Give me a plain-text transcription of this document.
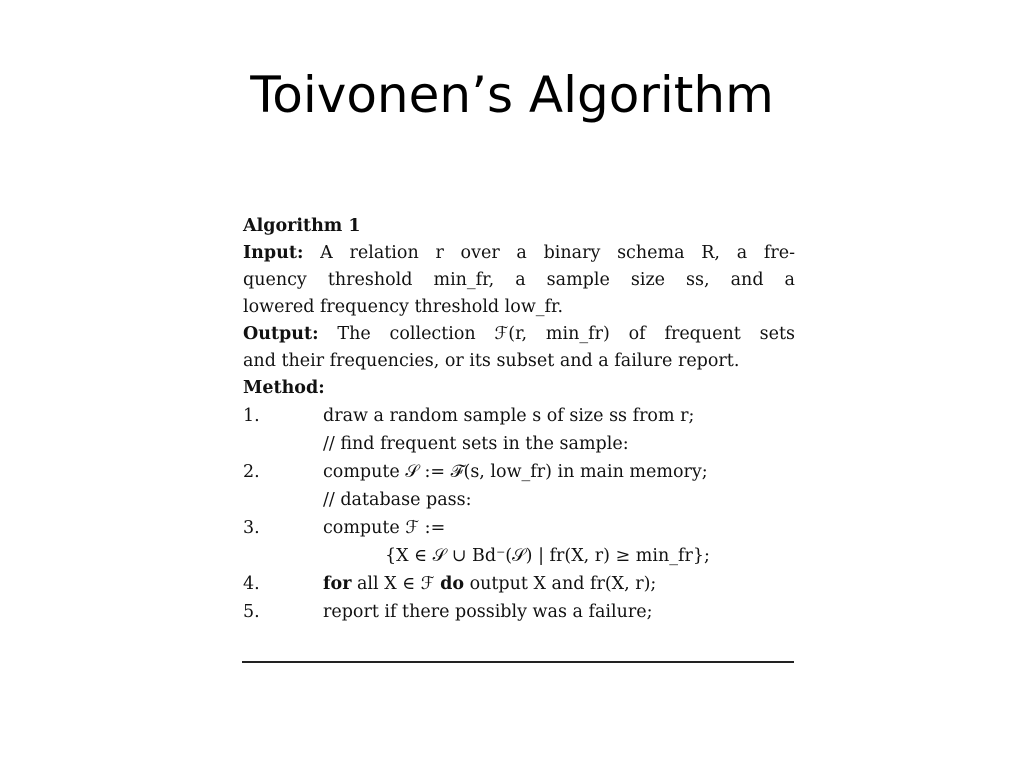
Toivonen’s Algorithm
Algorithm 1
Input: A relation r over a binary schema R, a fre-
quency threshold min_fr, a sample size ss, and a
lowered frequency threshold low_fr.
Output: The collection ℱ(r, min_fr) of frequent sets
and their frequencies, or its subset and a failure report.
Method:
1.	draw a random sample s of size ss from r;
// find frequent sets in the sample:
2.	compute 𝒮 := ℱ(s, low_fr) in main memory;
// database pass:
3.	compute ℱ :=
{X ∈ 𝒮 ∪ Bd⁻(𝒮) | fr(X, r) ≥ min_fr};
4.	for all X ∈ ℱ do output X and fr(X, r);
5.	report if there possibly was a failure;
